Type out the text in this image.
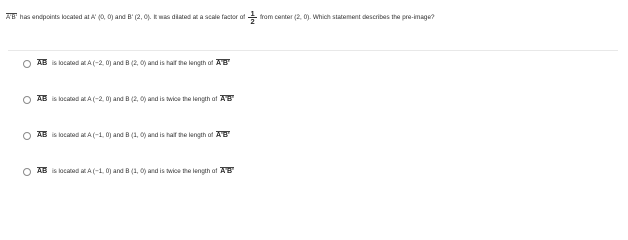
A'B' has endpoints located at A' (0, 0) and B' (2, 0). It was dilated at a scale factor of $\frac{1}{2}$ from center (2, 0). Which statement describes the pre-image?
AB is located at A (−2, 0) and B (2, 0) and is half the length of A'B'
AB is located at A (−2, 0) and B (2, 0) and is twice the length of A'B'
AB is located at A (−1, 0) and B (1, 0) and is half the length of A'B'
AB is located at A (−1, 0) and B (1, 0) and is twice the length of A'B'
